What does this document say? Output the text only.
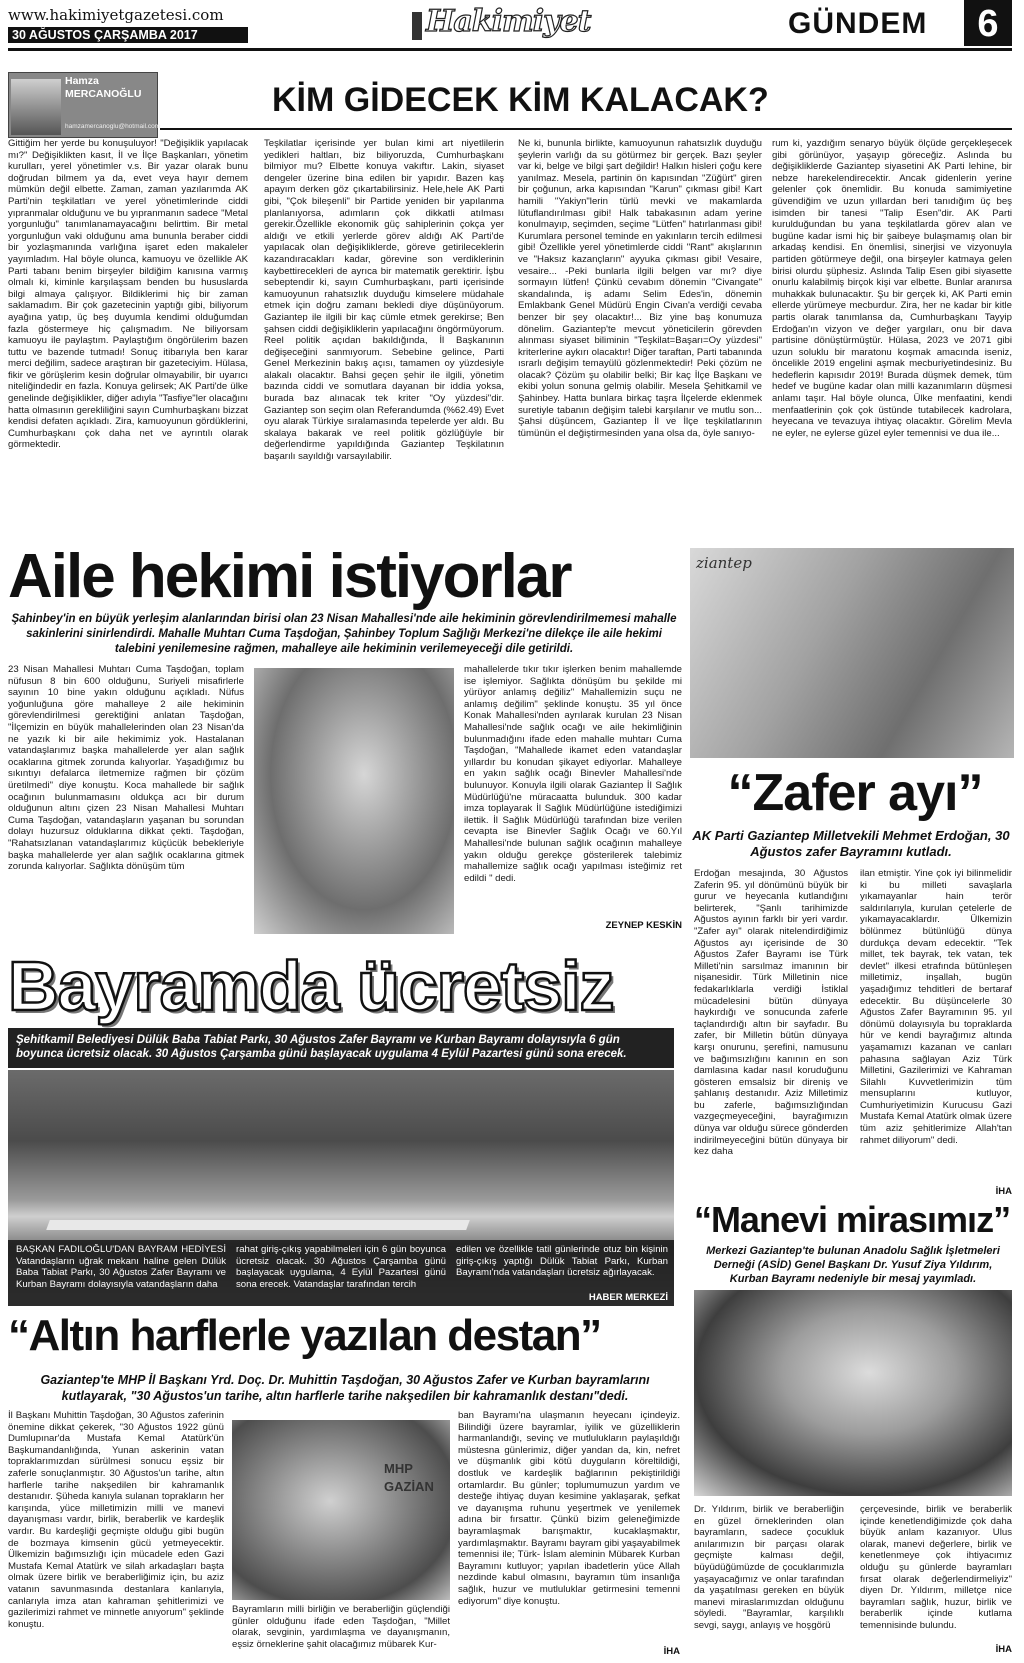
www.hakimiyetgazetesi.com
30 AĞUSTOS ÇARŞAMBA 2017	Hakimiyet	GÜNDEM	6
Hamza MERCANOĞLU
hamzamercanoglu@hotmail.com
KİM GİDECEK KİM KALACAK?
Gittiğim her yerde bu konuşuluyor! "Değişiklik yapılacak mı?" Değişiklikten kasıt, İl ve İlçe Başkanları, yönetim kurulları, yerel yönetimler v.s. Bir yazar olarak bunu doğrudan bilmem ya da, evet veya hayır demem mümkün değil elbette. Zaman, zaman yazılarımda AK Parti'nin teşkilatları ve yerel yönetimlerinde ciddi yıpranmalar olduğunu ve bu yıpranmanın sadece "Metal yorgunluğu" tanımlanamayacağını belirttim. Bir metal yorgunluğun vaki olduğunu ama bununla beraber ciddi bir yozlaşmanında varlığına işaret eden makaleler yayımladım. Hal böyle olunca, kamuoyu ve özellikle AK Parti tabanı benim birşeyler bildiğim kanısına varmış olmalı ki, kiminle karşılaşsam benden bu hususlarda bilgi almaya çalışıyor. Bildiklerimi hiç bir zaman saklamadım. Bir çok gazetecinin yaptığı gibi, biliyorum ayağına yatıp, üç beş duyumla kendimi olduğumdan fazla göstermeye hiç çalışmadım. Ne biliyorsam kamuoyu ile paylaştım. Paylaştığım öngörülerim bazen tuttu ve bazende tutmadı! Sonuç itibarıyla ben karar merci değilim, sadece araştıran bir gazeteciyim. Hülasa, fikir ve görüşlerim kesin doğrular olmayabilir, bir uyarıcı niteliğindedir en fazla. Konuya gelirsek; AK Parti'de ülke genelinde değişiklikler, diğer adıyla "Tasfiye"ler olacağını hatta olmasının gerekliliğini sayın Cumhurbaşkanı bizzat kendisi defaten açıkladı. Zira, kamuoyunun gördüklerini, Cumhurbaşkanı çok daha net ve ayrıntılı olarak görmektedir.
Teşkilatlar içerisinde yer bulan kimi art niyetlilerin yedikleri haltları, biz biliyoruzda, Cumhurbaşkanı bilmiyor mu? Elbette konuya vakıftır. Lakin, siyaset dengeler üzerine bina edilen bir yapıdır. Bazen kaş apayım derken göz çıkartabilirsiniz. Hele,hele AK Parti gibi, "Çok bileşenli" bir Partide yeniden bir yapılanma planlanıyorsa, adımların çok dikkatli atılması gerekir.Özellikle ekonomik güç sahiplerinin çokça yer aldığı ve etkili yerlerde görev aldığı AK Parti'de yapılacak olan değişikliklerde, göreve getirileceklerin kazandıracakları kadar, görevine son verdiklerinin kaybettirecekleri de ayrıca bir matematik gerektirir. İşbu sebeptendir ki, sayın Cumhurbaşkanı, parti içerisinde kamuoyunun rahatsızlık duyduğu kimselere müdahale etmek için doğru zamanı bekledi diye düşünüyorum. Gaziantep ile ilgili bir kaç cümle etmek gerekirse; Ben şahsen ciddi değişikliklerin yapılacağını öngörmüyorum. Reel politik açıdan bakıldığında, İl Başkanının değişeceğini sanmıyorum. Sebebine gelince, Parti Genel Merkezinin bakış açısı, tamamen oy yüzdesiyle alakalı olacaktır. Bahsi geçen şehir ile ilgili, yönetim bazında ciddi ve somutlara dayanan bir iddia yoksa, burada baz alınacak tek kriter "Oy yüzdesi"dir. Gaziantep son seçim olan Referandumda (%62.49) Evet oyu alarak Türkiye sıralamasında tepelerde yer aldı. Bu skalaya bakarak ve reel politik gözlüğüyle bir değerlendirme yapıldığında Gaziantep Teşkilatının başarılı sayıldığı varsayılabilir.
Ne ki, bununla birlikte, kamuoyunun rahatsızlık duyduğu şeylerin varlığı da su götürmez bir gerçek. Bazı şeyler var ki, belge ve bilgi şart değildir! Halkın hisleri çoğu kere yanılmaz. Mesela, partinin ön kapısından "Züğürt" giren bir çoğunun, arka kapısından "Karun" çıkması gibi! Kart hamili "Yakiyn"lerin türlü mevki ve makamlarda lütuflandırılması gibi! Halk tabakasının adam yerine konulmayıp, seçimden, seçime "Lütfen" hatırlanması gibi! Kurumlara personel teminde en yakınların tercih edilmesi gibi! Özellikle yerel yönetimlerde ciddi "Rant" akışlarının ve "Haksız kazançların" ayyuka çıkması gibi! Vesaire, vesaire... -Peki bunlarla ilgili belgen var mı? diye sormayın lütfen! Çünkü cevabım dönemin "Civangate" skandalında, iş adamı Selim Edes'in, dönemin Emlakbank Genel Müdürü Engin Civan'a verdiği cevaba benzer bir şey olacaktır!... Biz yine baş konumuza dönelim. Gaziantep'te mevcut yöneticilerin görevden alınması siyaset biliminin "Teşkilat=Başarı=Oy yüzdesi" kriterlerine aykırı olacaktır! Diğer taraftan, Parti tabanında ısrarlı değişim temayülü gözlenmektedir! Peki çözüm ne olacak? Çözüm şu olabilir belki; Bir kaç İlçe Başkanı ve ekibi yolun sonuna gelmiş olabilir. Mesela Şehitkamil ve Şahinbey. Hatta bunlara birkaç taşra İlçelerde eklenmek suretiyle tabanın değişim talebi karşılanır ve mutlu son... Şahsi düşüncem, Gaziantep İl ve İlçe teşkilatlarının tümünün el değiştirmesinden yana olsa da, öyle sanıyo-
rum ki, yazdığım senaryo büyük ölçüde gerçekleşecek gibi görünüyor, yaşayıp göreceğiz. Aslında bu değişikliklerde Gaziantep siyasetini AK Parti lehine, bir nebze harekelendirecektir. Ancak gidenlerin yerine gelenler çok önemlidir. Bu konuda samimiyetine güvendiğim ve uzun yıllardan beri tanıdığım üç beş isimden bir tanesi "Talip Esen"dir. AK Parti kurulduğundan bu yana teşkilatlarda görev alan ve bugüne kadar ismi hiç bir şaibeye bulaşmamış olan bir arkadaş kendisi. En önemlisi, sinerjisi ve vizyonuyla partiden götürmeye değil, ona birşeyler katmaya gelen birisi olurdu şüphesiz. Aslında Talip Esen gibi siyasette onurlu kalabilmiş birçok kişi var elbette. Bunlar aranırsa muhakkak bulunacaktır. Şu bir gerçek ki, AK Parti emin ellerde yürümeye mecburdur. Zira, her ne kadar bir kitle partis olarak tanımlansa da, Cumhurbaşkanı Tayyip Erdoğan'ın vizyon ve değer yargıları, onu bir dava partisine dönüştürmüştür. Hülasa, 2023 ve 2071 gibi uzun soluklu bir maratonu koşmak amacında iseniz, öncelikle 2019 engelini aşmak mecburiyetindesiniz. Bu hedeflerin kapısıdır 2019! Burada düşmek demek, tüm hedef ve bugüne kadar olan milli kazanımların düşmesi anlamı taşır. Hal böyle olunca, Ülke menfaatini, kendi menfaatlerinin çok çok üstünde tutabilecek kadrolara, heyecana ve tevazuya ihtiyaç olacaktır. Görelim Mevla ne eyler, ne eylerse güzel eyler temennisi ve dua ile...
Aile hekimi istiyorlar
Şahinbey'in en büyük yerleşim alanlarından birisi olan 23 Nisan Mahallesi'nde aile hekiminin görevlendirilmemesi mahalle sakinlerini sinirlendirdi. Mahalle Muhtarı Cuma Taşdoğan, Şahinbey Toplum Sağlığı Merkezi'ne dilekçe ile aile hekimi talebini yenilemesine rağmen, mahalleye aile hekiminin verilemeyeceği dile getirildi.
23 Nisan Mahallesi Muhtarı Cuma Taşdoğan, toplam nüfusun 8 bin 600 olduğunu, Suriyeli misafirlerle sayının 10 bine yakın olduğunu açıkladı. Nüfus yoğunluğuna göre mahalleye 2 aile hekiminin görevlendirilmesi gerektiğini anlatan Taşdoğan, "İlçemizin en büyük mahallelerinden olan 23 Nisan'da ne yazık ki bir aile hekimimiz yok. Hastalanan vatandaşlarımız başka mahallelerde yer alan sağlık ocaklarına gitmek zorunda kalıyorlar. Yaşadığımız bu sıkıntıyı defalarca iletmemize rağmen bir çözüm üretilmedi" diye konuştu. Koca mahallede bir sağlık ocağının bulunmamasını oldukça acı bir durum olduğunun altını çizen 23 Nisan Mahallesi Muhtarı Cuma Taşdoğan, vatandaşların yaşanan bu sorundan dolayı huzursuz olduklarına dikkat çekti. Taşdoğan, "Rahatsızlanan vatandaşlarımız küçücük bebekleriyle başka mahallelerde yer alan sağlık ocaklarına gitmek zorunda kalıyorlar. Sağlıkta dönüşüm tüm
mahallelerde tıkır tıkır işlerken benim mahallemde ise işlemiyor. Sağlıkta dönüşüm bu şekilde mi yürüyor anlamış değiliz" Mahallemizin suçu ne anlamış değilim" şeklinde konuştu. 35 yıl önce Konak Mahallesi'nden ayrılarak kurulan 23 Nisan Mahallesi'nde sağlık ocağı ve aile hekimliğinin bulunmadığını ifade eden mahalle muhtarı Cuma Taşdoğan, "Mahallede ikamet eden vatandaşlar yıllardır bu konudan şikayet ediyorlar. Mahalleye en yakın sağlık ocağı Binevler Mahallesi'nde bulunuyor. Konuyla ilgili olarak Gaziantep İl Sağlık Müdürlüğü'ne müracaatta bulunduk. 300 kadar imza toplayarak İl Sağlık Müdürlüğüne istediğimizi ilettik. İl Sağlık Müdürlüğü tarafından bize verilen cevapta ise Binevler Sağlık Ocağı ve 60.Yıl Mahallesi'nde bulunan sağlık ocağının mahalleye yakın olduğu gerekçe gösterilerek talebimiz mahallemize sağlık ocağı yapılması isteğimiz ret edildi " dedi.
ZEYNEP KESKİN
ziantep
“Zafer ayı”
AK Parti Gaziantep Milletvekili Mehmet Erdoğan, 30 Ağustos zafer Bayramını kutladı.
Erdoğan mesajında, 30 Ağustos Zaferin 95. yıl dönümünü büyük bir gurur ve heyecanla kutlandığını belirterek, "Şanlı tarihimizde Ağustos ayının farklı bir yeri vardır. "Zafer ayı" olarak nitelendirdiğimiz Ağustos ayı içerisinde de 30 Ağustos Zafer Bayramı ise Türk Milleti'nin sarsılmaz imanının bir nişanesidir. Türk Milletinin nice fedakarlıklarla verdiği İstiklal mücadelesini bütün dünyaya haykırdığı ve sonucunda zaferle taçlandırdığı altın bir sayfadır. Bu zafer, bir Milletin bütün dünyaya karşı onurunu, şerefini, namusunu ve bağımsızlığını kanının en son damlasına kadar nasıl koruduğunu gösteren emsalsiz bir direniş ve şahlanış destanıdır. Aziz Milletimiz bu zaferle, bağımsızlığından vazgeçmeyeceğini, bayrağımızın dünya var olduğu sürece gönderden indirilmeyeceğini bütün dünyaya bir kez daha
ilan etmiştir. Yine çok iyi bilinmelidir ki bu milleti savaşlarla yıkamayanlar hain terör saldırılarıyla, kurulan çetelerle de yıkamayacaklardır. Ülkemizin bölünmez bütünlüğü dünya durdukça devam edecektir. "Tek millet, tek bayrak, tek vatan, tek devlet" ilkesi etrafında bütünleşen milletimiz, inşallah, bugün yaşadığımız tehditleri de bertaraf edecektir. Bu düşüncelerle 30 Ağustos Zafer Bayramının 95. yıl dönümü dolayısıyla bu topraklarda hür ve kendi bayrağımız altında yaşamamızı kazanan ve canları pahasına sağlayan Aziz Türk Milletini, Gazilerimizi ve Kahraman Silahlı Kuvvetlerimizin tüm mensuplarını kutluyor, Cumhuriyetimizin Kurucusu Gazi Mustafa Kemal Atatürk olmak üzere tüm aziz şehitlerimize Allah'tan rahmet diliyorum" dedi.
İHA
Bayramda ücretsiz
Şehitkamil Belediyesi Dülük Baba Tabiat Parkı, 30 Ağustos Zafer Bayramı ve Kurban Bayramı dolayısıyla 6 gün boyunca ücretsiz olacak. 30 Ağustos Çarşamba günü başlayacak uygulama 4 Eylül Pazartesi günü sona erecek.
BAŞKAN FADILOĞLU'DAN BAYRAM HEDİYESİ Vatandaşların uğrak mekanı haline gelen Dülük Baba Tabiat Parkı, 30 Ağustos Zafer Bayramı ve Kurban Bayramı dolayısıyla vatandaşların daha
rahat giriş-çıkış yapabilmeleri için 6 gün boyunca ücretsiz olacak. 30 Ağustos Çarşamba günü başlayacak uygulama, 4 Eylül Pazartesi günü sona erecek. Vatandaşlar tarafından tercih
edilen ve özellikle tatil günlerinde otuz bin kişinin giriş-çıkış yaptığı Dülük Tabiat Parkı, Kurban Bayramı'nda vatandaşları ücretsiz ağırlayacak.
HABER MERKEZİ
“Manevi mirasımız”
Merkezi Gaziantep'te bulunan Anadolu Sağlık İşletmeleri Derneği (ASİD) Genel Başkanı Dr. Yusuf Ziya Yıldırım, Kurban Bayramı nedeniyle bir mesaj yayımladı.
Dr. Yıldırım, birlik ve beraberliğin en güzel örneklerinden olan bayramların, sadece çocukluk anılarımızın bir parçası olarak geçmişte kalması değil, büyüdüğümüzde de çocuklarımızla yaşayacağımız ve onlar tarafından da yaşatılması gereken en büyük manevi miraslarımızdan olduğunu söyledi. "Bayramlar, karşılıklı sevgi, saygı, anlayış ve hoşgörü
çerçevesinde, birlik ve beraberlik içinde kenetlendiğimizde çok daha büyük anlam kazanıyor. Ulus olarak, manevi değerlere, birlik ve kenetlenmeye çok ihtiyacımız olduğu şu günlerde bayramları fırsat olarak değerlendirmeliyiz" diyen Dr. Yıldırım, milletçe nice bayramları sağlık, huzur, birlik ve beraberlik içinde kutlama temennisinde bulundu.
İHA
“Altın harflerle yazılan destan”
Gaziantep'te MHP İl Başkanı Yrd. Doç. Dr. Muhittin Taşdoğan, 30 Ağustos Zafer ve Kurban bayramlarını kutlayarak, "30 Ağustos'un tarihe, altın harflerle tarihe nakşedilen bir kahramanlık destanı"dedi.
İl Başkanı Muhittin Taşdoğan, 30 Ağustos zaferinin önemine dikkat çekerek, "30 Ağustos 1922 günü Dumlupınar'da Mustafa Kemal Atatürk'ün Başkumandanlığında, Yunan askerinin vatan topraklarımızdan sürülmesi sonucu eşsiz bir zaferle sonuçlanmıştır. 30 Ağustos'un tarihe, altın harflerle tarihe nakşedilen bir kahramanlık destanıdır. Şüheda kanıyla sulanan toprakların her karışında, yüce milletimizin milli ve manevi dayanışması vardır, birlik, beraberlik ve kardeşlik vardır. Bu kardeşliği geçmişte olduğu gibi bugün de bozmaya kimsenin gücü yetmeyecektir. Ülkemizin bağımsızlığı için mücadele eden Gazi Mustafa Kemal Atatürk ve silah arkadaşları başta olmak üzere birlik ve beraberliğimiz için, bu aziz vatanın savunmasında destanlara kanlarıyla, canlarıyla imza atan kahraman şehitlerimizi ve gazilerimizi rahmet ve minnetle anıyorum" şeklinde konuştu.
MHP GAZİAN
Bayramların milli birliğin ve beraberliğin güçlendiği günler olduğunu ifade eden Taşdoğan, "Millet olarak, sevginin, yardımlaşma ve dayanışmanın, eşsiz örneklerine şahit olacağımız mübarek Kur-
ban Bayramı'na ulaşmanın heyecanı içindeyiz. Bilindiği üzere bayramlar, iyilik ve güzelliklerin harmanlandığı, sevinç ve mutlulukların paylaşıldığı müstesna günlerimiz, diğer yandan da, kin, nefret ve düşmanlık gibi kötü duyguların köreltildiği, dostluk ve kardeşlik bağlarının pekiştirildiği ortamlardır. Bu günler; toplumumuzun yardım ve desteğe ihtiyaç duyan kesimine yaklaşarak, şefkat ve dayanışma ruhunu yeşertmek ve yenilemek adına bir fırsattır. Çünkü bizim geleneğimizde bayramlaşmak barışmaktır, kucaklaşmaktır, yardımlaşmaktır. Bayramı bayram gibi yaşayabilmek temennisi ile; Türk- İslam aleminin Mübarek Kurban Bayramını kutluyor; yapılan ibadetlerin yüce Allah nezdinde kabul olmasını, bayramın tüm insanlığa sağlık, huzur ve mutluluklar getirmesini temenni ediyorum" diye konuştu.
İHA
